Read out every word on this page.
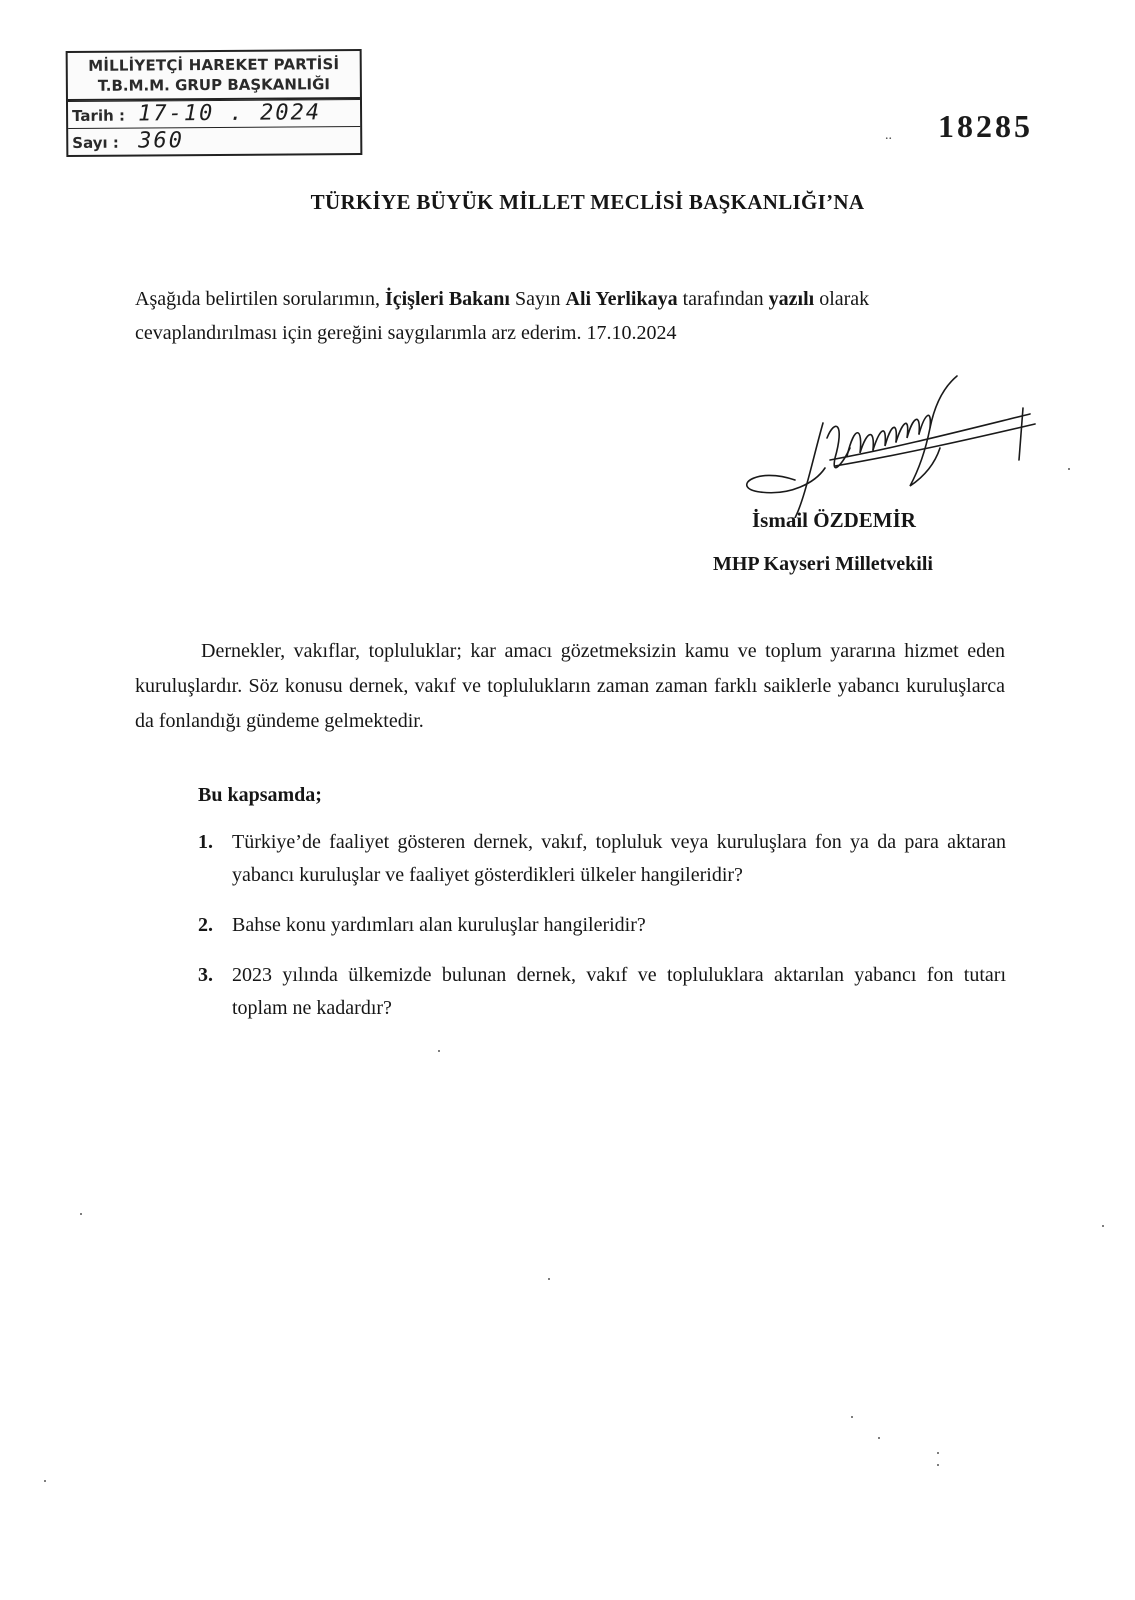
MİLLİYETÇİ HAREKET PARTİSİ
T.B.M.M. GRUP BAŞKANLIĞI
Tarih : 17-10 . 2024
Sayı : 360	.. 18285
TÜRKİYE BÜYÜK MİLLET MECLİSİ BAŞKANLIĞI’NA

Aşağıda belirtilen sorularımın, İçişleri Bakanı Sayın Ali Yerlikaya tarafından yazılı olarak cevaplandırılması için gereğini saygılarımla arz ederim. 17.10.2024

İsmail ÖZDEMİR
MHP Kayseri Milletvekili

Dernekler, vakıflar, topluluklar; kar amacı gözetmeksizin kamu ve toplum yararına hizmet eden kuruluşlardır. Söz konusu dernek, vakıf ve toplulukların zaman zaman farklı saiklerle yabancı kuruluşlarca da fonlandığı gündeme gelmektedir.

Bu kapsamda;
1. Türkiye’de faaliyet gösteren dernek, vakıf, topluluk veya kuruluşlara fon ya da para aktaran yabancı kuruluşlar ve faaliyet gösterdikleri ülkeler hangileridir?
2. Bahse konu yardımları alan kuruluşlar hangileridir?
3. 2023 yılında ülkemizde bulunan dernek, vakıf ve topluluklara aktarılan yabancı fon tutarı toplam ne kadardır?
